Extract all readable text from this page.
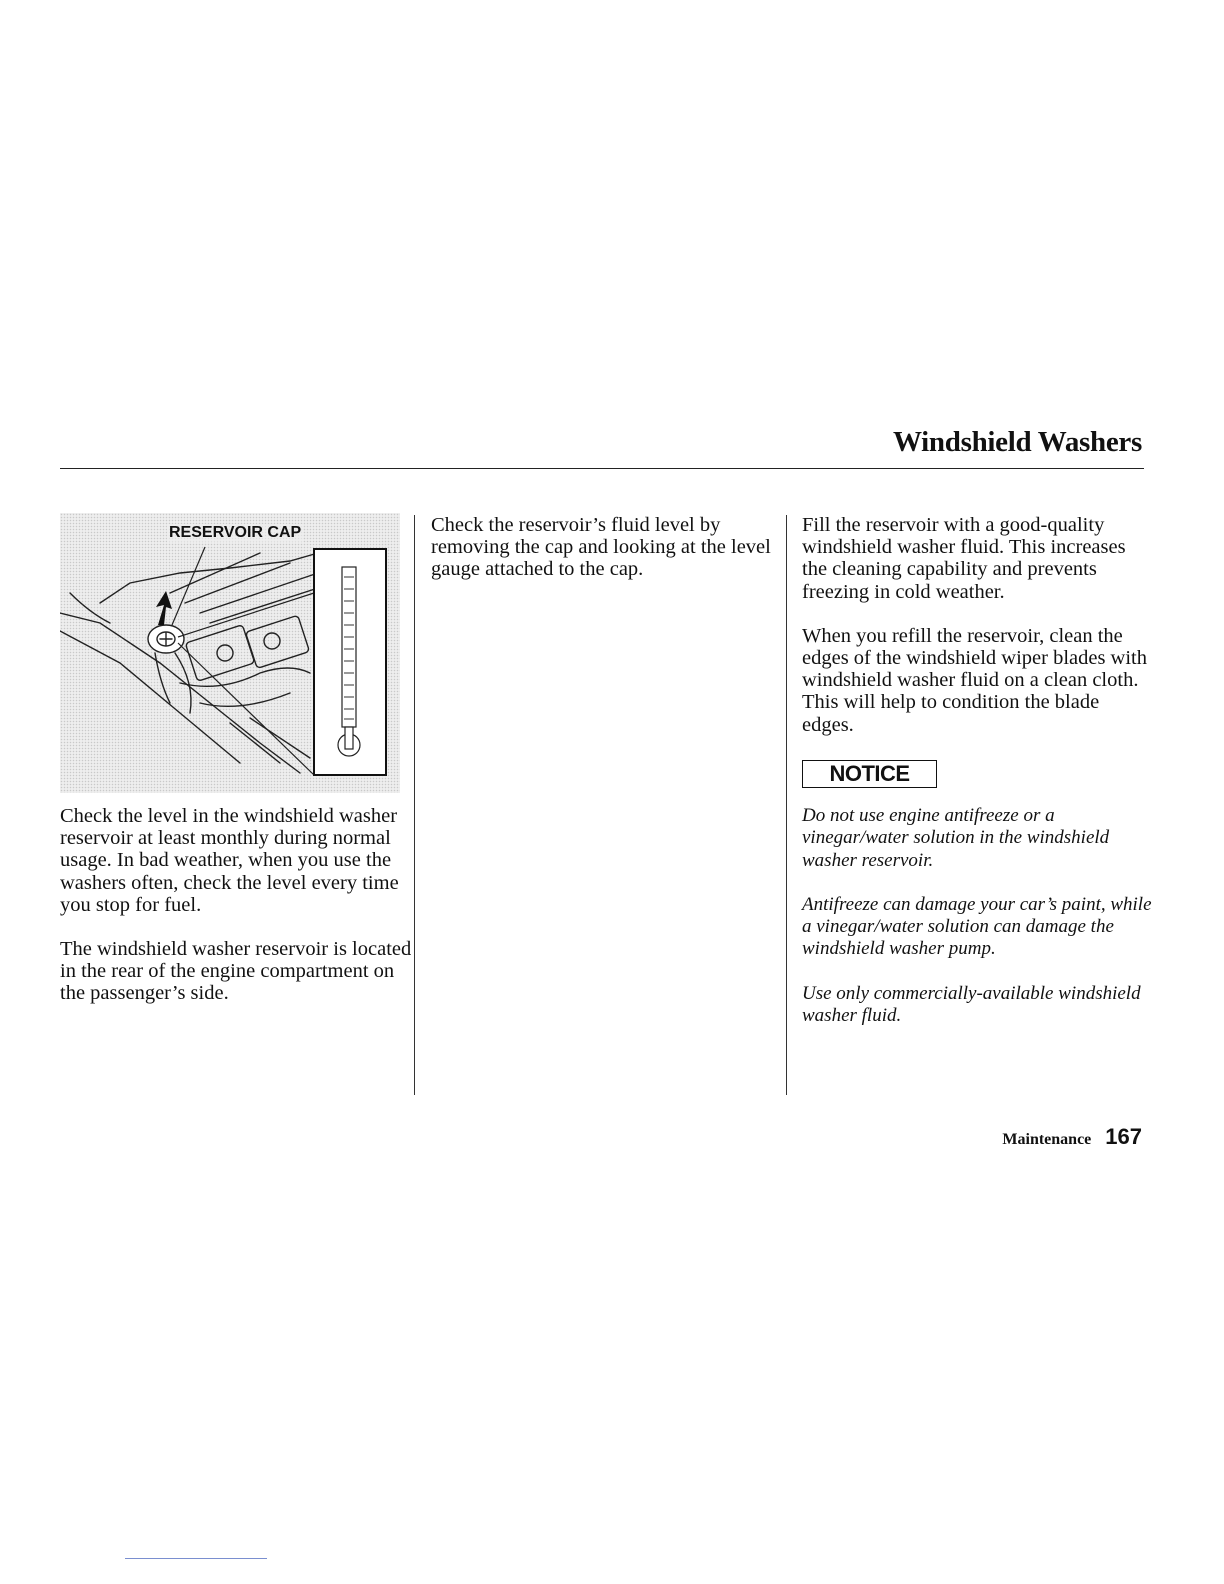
Windshield Washers
RESERVOIR CAP

Check the level in the windshield washer reservoir at least monthly during normal usage. In bad weather, when you use the washers often, check the level every time you stop for fuel.

The windshield washer reservoir is located in the rear of the engine compartment on the passenger’s side.

Check the reservoir’s fluid level by removing the cap and looking at the level gauge attached to the cap.

Fill the reservoir with a good-quality windshield washer fluid. This increases the cleaning capability and prevents freezing in cold weather.

When you refill the reservoir, clean the edges of the windshield wiper blades with windshield washer fluid on a clean cloth. This will help to condition the blade edges.

NOTICE

Do not use engine antifreeze or a vinegar/water solution in the windshield washer reservoir.

Antifreeze can damage your car’s paint, while a vinegar/water solution can damage the windshield washer pump.

Use only commercially-available windshield washer fluid.

Maintenance 167
